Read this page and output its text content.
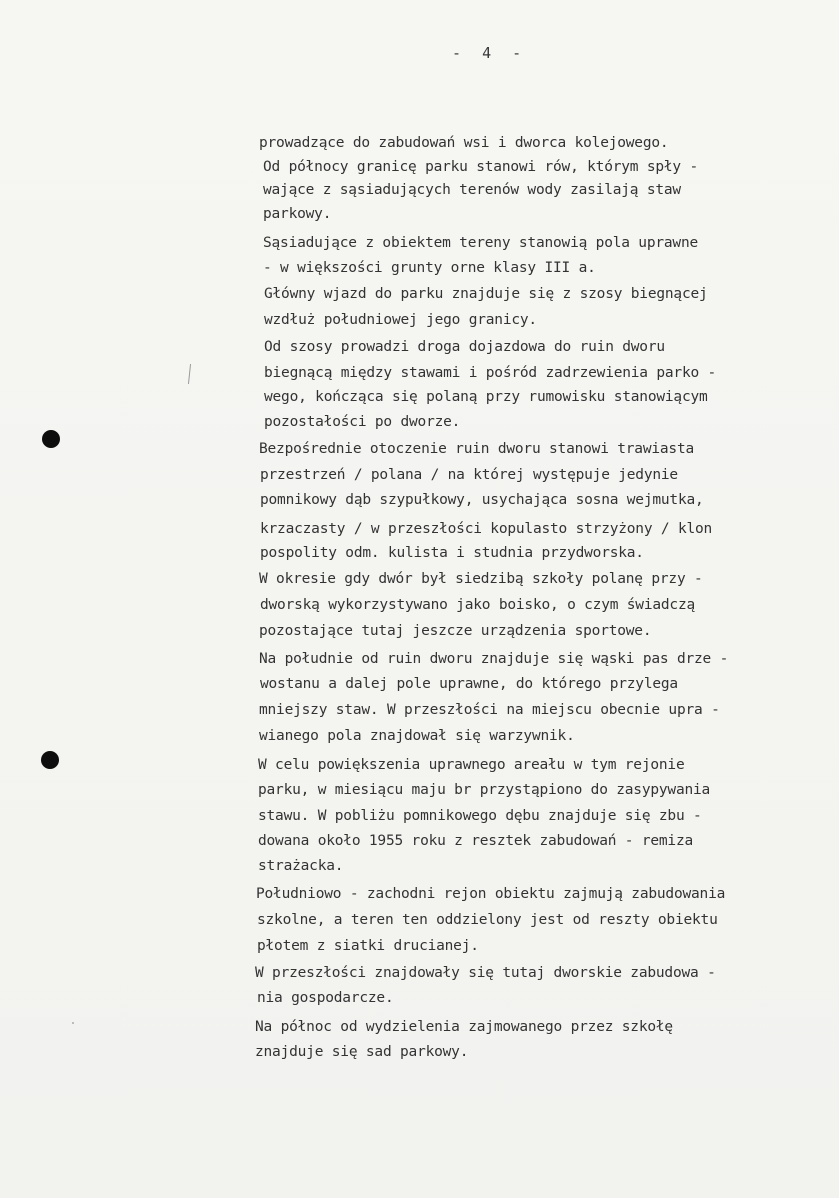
-  4  -
prowadzące do zabudowań wsi i dworca kolejowego.
Od północy granicę parku stanowi rów, którym spły -
wające z sąsiadujących terenów wody zasilają staw
parkowy.
Sąsiadujące z obiektem tereny stanowią pola uprawne
- w większości grunty orne klasy III a.
Główny wjazd do parku znajduje się z szosy biegnącej
wzdłuż południowej jego granicy.
Od szosy prowadzi droga dojazdowa do ruin dworu
biegnącą między stawami i pośród zadrzewienia parko -
wego, kończąca się polaną przy rumowisku stanowiącym
pozostałości po dworze.
Bezpośrednie otoczenie ruin dworu stanowi trawiasta
przestrzeń / polana / na której występuje jedynie
pomnikowy dąb szypułkowy, usychająca sosna wejmutka,
krzaczasty / w przeszłości kopulasto strzyżony / klon
pospolity odm. kulista i studnia przydworska.
W okresie gdy dwór był siedzibą szkoły polanę przy -
dworską wykorzystywano jako boisko, o czym świadczą
pozostające tutaj jeszcze urządzenia sportowe.
Na południe od ruin dworu znajduje się wąski pas drze -
wostanu a dalej pole uprawne, do którego przylega
mniejszy staw. W przeszłości na miejscu obecnie upra -
wianego pola znajdował się warzywnik.
W celu powiększenia uprawnego areału w tym rejonie
parku, w miesiącu maju br przystąpiono do zasypywania
stawu. W pobliżu pomnikowego dębu znajduje się zbu -
dowana około 1955 roku z resztek zabudowań - remiza
strażacka.
Południowo - zachodni rejon obiektu zajmują zabudowania
szkolne, a teren ten oddzielony jest od reszty obiektu
płotem z siatki drucianej.
W przeszłości znajdowały się tutaj dworskie zabudowa -
nia gospodarcze.
Na północ od wydzielenia zajmowanego przez szkołę
znajduje się sad parkowy.
